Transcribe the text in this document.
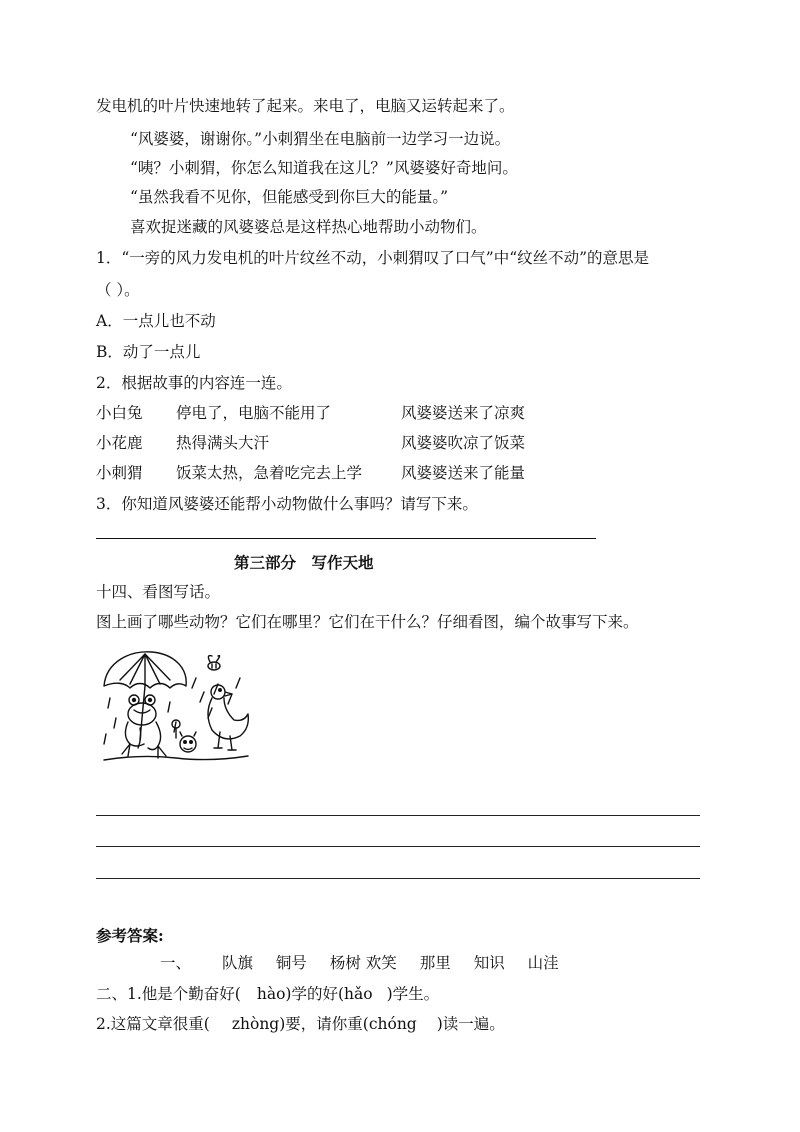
发电机的叶片快速地转了起来。来电了，电脑又运转起来了。
“风婆婆，谢谢你。”小刺猬坐在电脑前一边学习一边说。
“咦？小刺猬，你怎么知道我在这儿？”风婆婆好奇地问。
“虽然我看不见你，但能感受到你巨大的能量。”
喜欢捉迷藏的风婆婆总是这样热心地帮助小动物们。
1．“一旁的风力发电机的叶片纹丝不动，小刺猬叹了口气”中“纹丝不动”的意思是
（ ）。
A．一点儿也不动
B．动了一点儿
2．根据故事的内容连一连。
小白兔 停电了，电脑不能用了	风婆婆送来了凉爽
小花鹿 热得满头大汗	风婆婆吹凉了饭菜
小刺猬 饭菜太热，急着吃完去上学	风婆婆送来了能量
3．你知道风婆婆还能帮小动物做什么事吗？请写下来。
第三部分　写作天地
十四、看图写话。
图上画了哪些动物？它们在哪里？它们在干什么？仔细看图，编个故事写下来。
参考答案:
一、 队旗 铜号 杨树 欢笑 那里 知识 山洼
二、1.他是个勤奋好( hào)学的好(hǎo )学生。
2.这篇文章很重( zhòng)要，请你重(chóng )读一遍。
